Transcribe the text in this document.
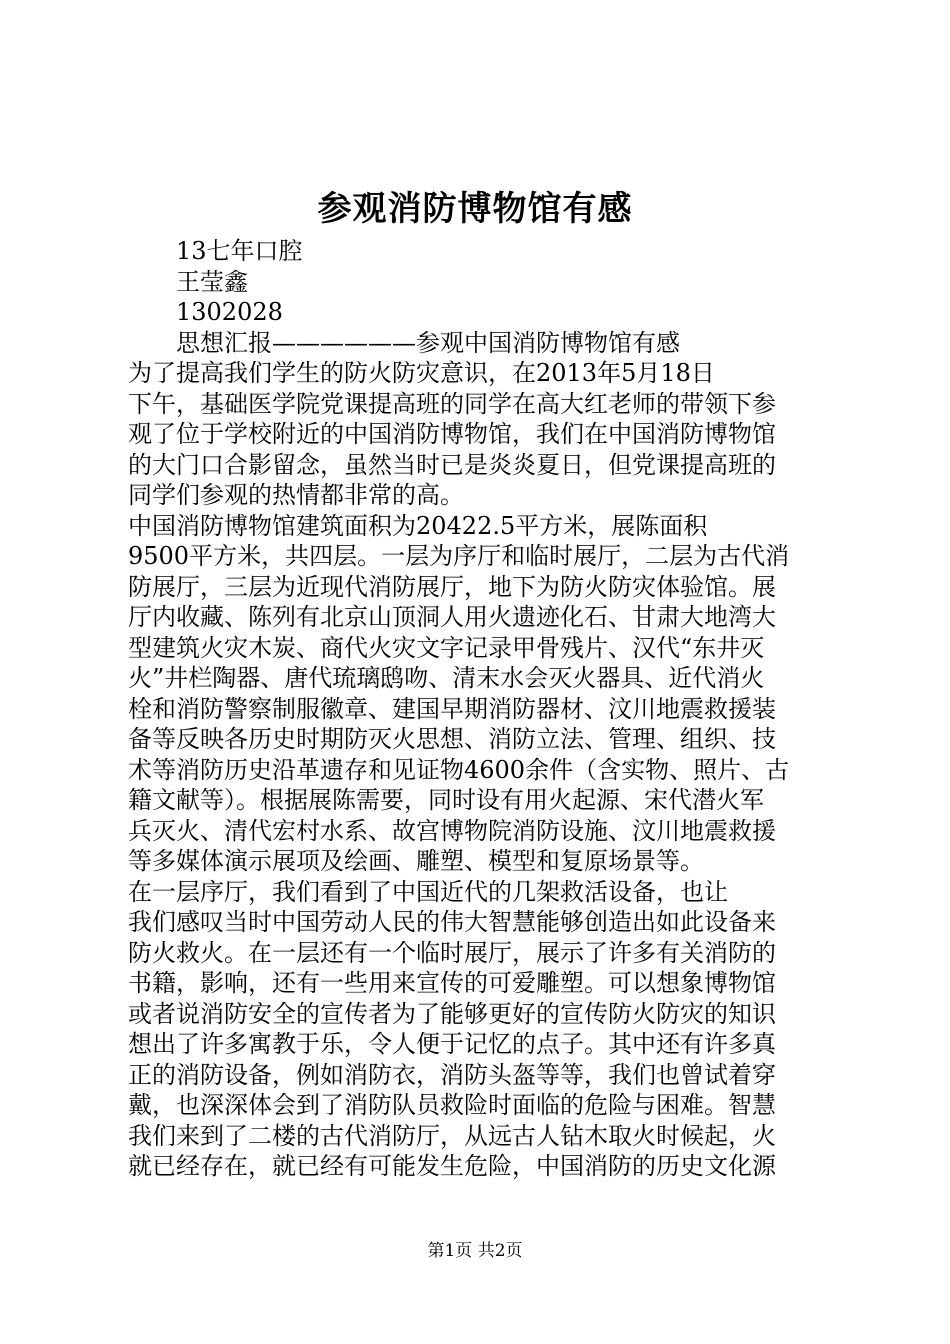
参观消防博物馆有感
13七年口腔
王莹鑫
1302028
思想汇报——————参观中国消防博物馆有感
为了提高我们学生的防火防灾意识，在2013年5月18日
下午，基础医学院党课提高班的同学在高大红老师的带领下参
观了位于学校附近的中国消防博物馆，我们在中国消防博物馆
的大门口合影留念，虽然当时已是炎炎夏日，但党课提高班的
同学们参观的热情都非常的高。
中国消防博物馆建筑面积为20422.5平方米，展陈面积
9500平方米，共四层。一层为序厅和临时展厅，二层为古代消
防展厅，三层为近现代消防展厅，地下为防火防灾体验馆。展
厅内收藏、陈列有北京山顶洞人用火遗迹化石、甘肃大地湾大
型建筑火灾木炭、商代火灾文字记录甲骨残片、汉代“东井灭
火”井栏陶器、唐代琉璃鸱吻、清末水会灭火器具、近代消火
栓和消防警察制服徽章、建国早期消防器材、汶川地震救援装
备等反映各历史时期防灭火思想、消防立法、管理、组织、技
术等消防历史沿革遗存和见证物4600余件（含实物、照片、古
籍文献等）。根据展陈需要，同时设有用火起源、宋代潜火军
兵灭火、清代宏村水系、故宫博物院消防设施、汶川地震救援
等多媒体演示展项及绘画、雕塑、模型和复原场景等。
在一层序厅，我们看到了中国近代的几架救活设备，也让
我们感叹当时中国劳动人民的伟大智慧能够创造出如此设备来
防火救火。在一层还有一个临时展厅，展示了许多有关消防的
书籍，影响，还有一些用来宣传的可爱雕塑。可以想象博物馆
或者说消防安全的宣传者为了能够更好的宣传防火防灾的知识
想出了许多寓教于乐，令人便于记忆的点子。其中还有许多真
正的消防设备，例如消防衣，消防头盔等等，我们也曾试着穿
戴，也深深体会到了消防队员救险时面临的危险与困难。智慧
我们来到了二楼的古代消防厅，从远古人钻木取火时候起，火
就已经存在，就已经有可能发生危险，中国消防的历史文化源
第1页 共2页
